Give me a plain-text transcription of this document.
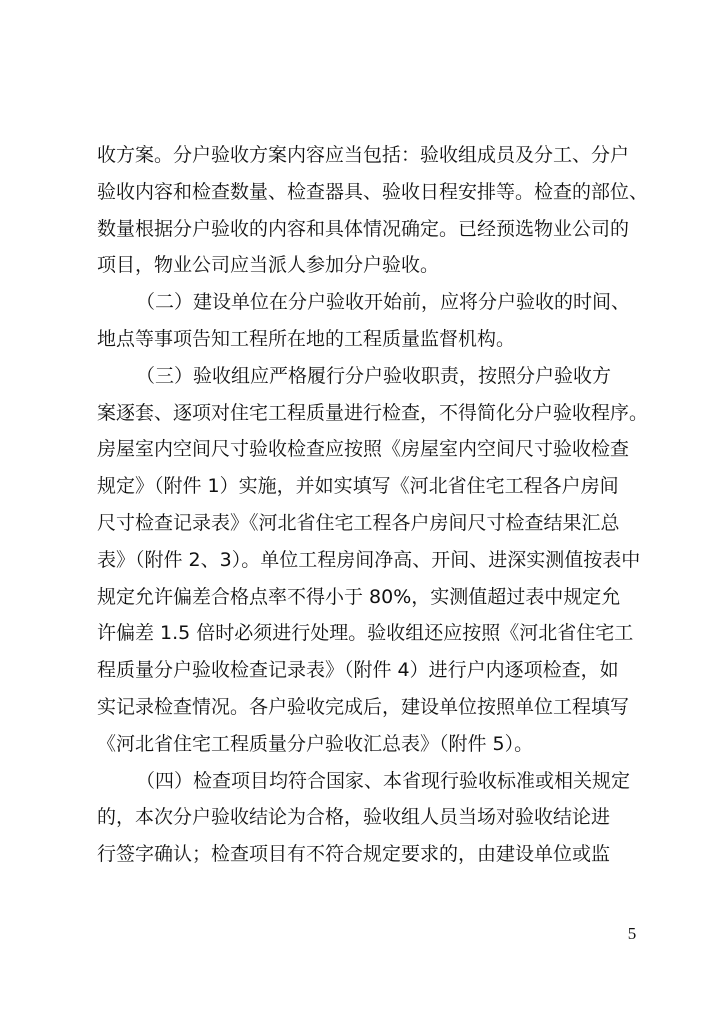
收方案。分户验收方案内容应当包括：验收组成员及分工、分户
验收内容和检查数量、检查器具、验收日程安排等。检查的部位、
数量根据分户验收的内容和具体情况确定。已经预选物业公司的
项目，物业公司应当派人参加分户验收。
（二）建设单位在分户验收开始前，应将分户验收的时间、
地点等事项告知工程所在地的工程质量监督机构。
（三）验收组应严格履行分户验收职责，按照分户验收方
案逐套、逐项对住宅工程质量进行检查，不得简化分户验收程序。
房屋室内空间尺寸验收检查应按照《房屋室内空间尺寸验收检查
规定》（附件 1）实施，并如实填写《河北省住宅工程各户房间
尺寸检查记录表》《河北省住宅工程各户房间尺寸检查结果汇总
表》（附件 2、3）。单位工程房间净高、开间、进深实测值按表中
规定允许偏差合格点率不得小于 80%，实测值超过表中规定允
许偏差 1.5 倍时必须进行处理。验收组还应按照《河北省住宅工
程质量分户验收检查记录表》（附件 4）进行户内逐项检查，如
实记录检查情况。各户验收完成后，建设单位按照单位工程填写
《河北省住宅工程质量分户验收汇总表》（附件 5）。
（四）检查项目均符合国家、本省现行验收标准或相关规定
的，本次分户验收结论为合格，验收组人员当场对验收结论进
行签字确认；检查项目有不符合规定要求的，由建设单位或监
5
